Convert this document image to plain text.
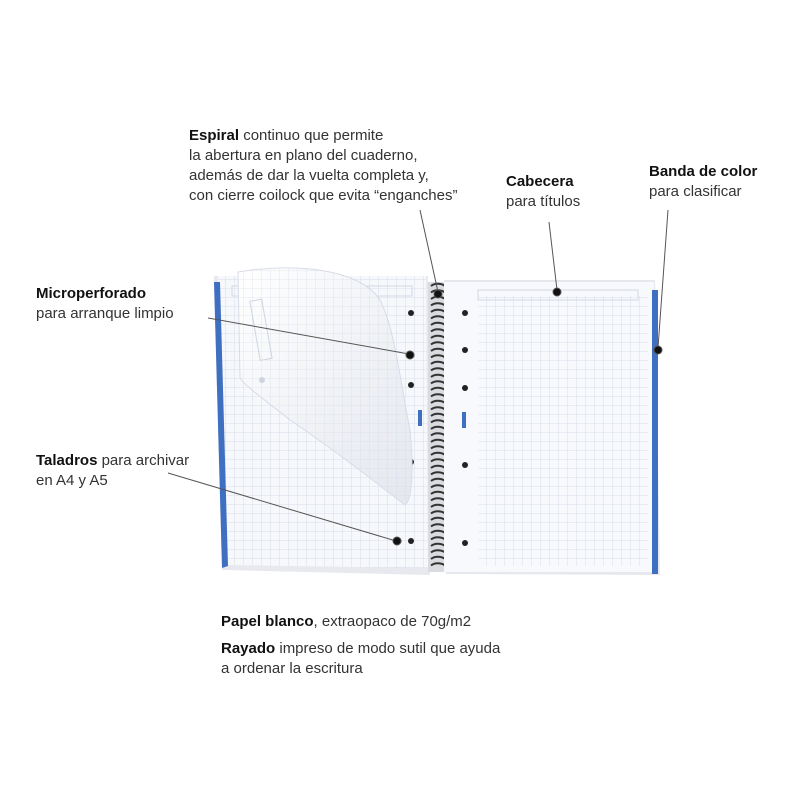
Espiral continuo que permite
la abertura en plano del cuaderno,
además de dar la vuelta completa y,
con cierre coilock que evita “enganches”
Cabecera
para títulos
Banda de color
para clasificar
Microperforado
para arranque limpio
Taladros para archivar
en A4 y A5
Papel blanco, extraopaco de 70g/m2
Rayado impreso de modo sutil que ayuda
a ordenar la escritura
